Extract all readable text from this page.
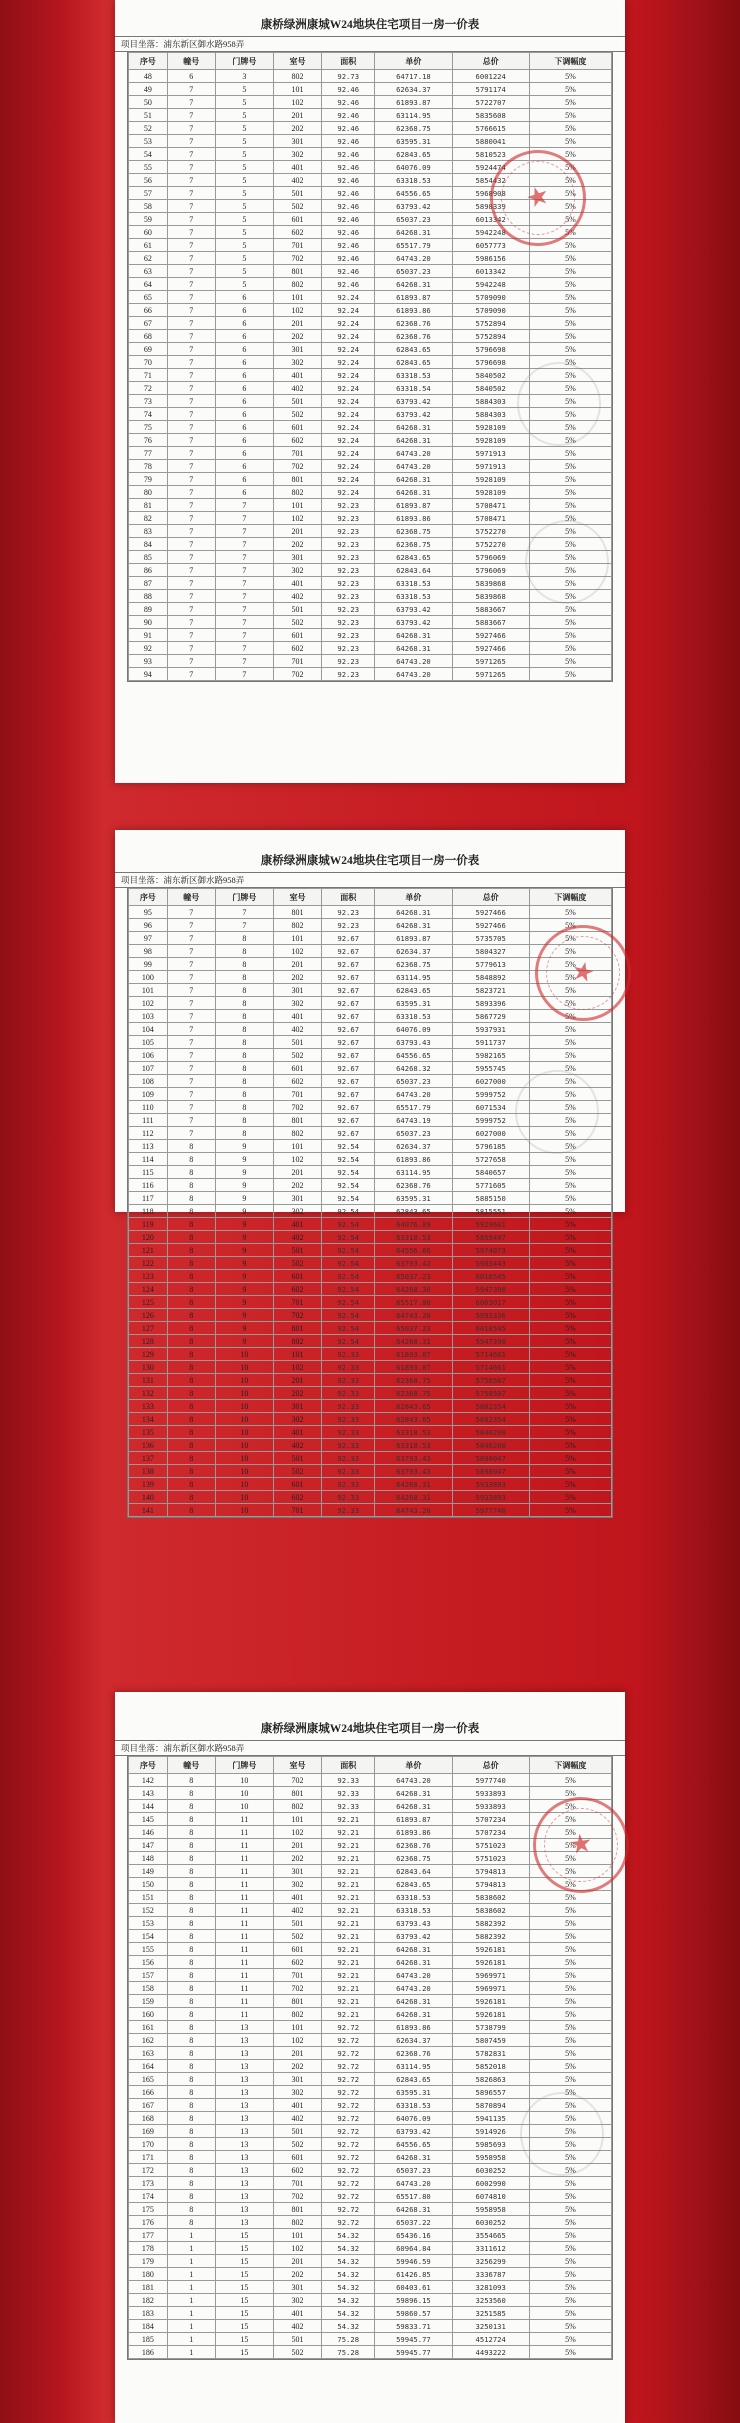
★
康桥绿洲康城W24地块住宅项目一房一价表
项目坐落：浦东新区御水路958弄
序号	幢号	门牌号	室号	面积	单价	总价	下调幅度
48	6	3	802	92.73	64717.18	6001224	5%
49	7	5	101	92.46	62634.37	5791174	5%
50	7	5	102	92.46	61893.87	5722707	5%
51	7	5	201	92.46	63114.95	5835608	5%
52	7	5	202	92.46	62368.75	5766615	5%
53	7	5	301	92.46	63595.31	5880041	5%
54	7	5	302	92.46	62843.65	5810523	5%
55	7	5	401	92.46	64076.09	5924474	5%
56	7	5	402	92.46	63318.53	5854432	5%
57	7	5	501	92.46	64556.65	5968908	5%
58	7	5	502	92.46	63793.42	5898339	5%
59	7	5	601	92.46	65037.23	6013342	5%
60	7	5	602	92.46	64268.31	5942248	5%
61	7	5	701	92.46	65517.79	6057773	5%
62	7	5	702	92.46	64743.20	5986156	5%
63	7	5	801	92.46	65037.23	6013342	5%
64	7	5	802	92.46	64268.31	5942248	5%
65	7	6	101	92.24	61893.87	5709090	5%
66	7	6	102	92.24	61893.86	5709090	5%
67	7	6	201	92.24	62368.76	5752894	5%
68	7	6	202	92.24	62368.76	5752894	5%
69	7	6	301	92.24	62843.65	5796698	5%
70	7	6	302	92.24	62843.65	5796698	5%
71	7	6	401	92.24	63318.53	5840502	5%
72	7	6	402	92.24	63318.54	5840502	5%
73	7	6	501	92.24	63793.42	5884303	5%
74	7	6	502	92.24	63793.42	5884303	5%
75	7	6	601	92.24	64268.31	5928109	5%
76	7	6	602	92.24	64268.31	5928109	5%
77	7	6	701	92.24	64743.20	5971913	5%
78	7	6	702	92.24	64743.20	5971913	5%
79	7	6	801	92.24	64268.31	5928109	5%
80	7	6	802	92.24	64268.31	5928109	5%
81	7	7	101	92.23	61893.87	5708471	5%
82	7	7	102	92.23	61893.86	5708471	5%
83	7	7	201	92.23	62368.75	5752270	5%
84	7	7	202	92.23	62368.75	5752270	5%
85	7	7	301	92.23	62843.65	5796069	5%
86	7	7	302	92.23	62843.64	5796069	5%
87	7	7	401	92.23	63318.53	5839868	5%
88	7	7	402	92.23	63318.53	5839868	5%
89	7	7	501	92.23	63793.42	5883667	5%
90	7	7	502	92.23	63793.42	5883667	5%
91	7	7	601	92.23	64268.31	5927466	5%
92	7	7	602	92.23	64268.31	5927466	5%
93	7	7	701	92.23	64743.20	5971265	5%
94	7	7	702	92.23	64743.20	5971265	5%
★
康桥绿洲康城W24地块住宅项目一房一价表
项目坐落：浦东新区御水路958弄
序号	幢号	门牌号	室号	面积	单价	总价	下调幅度
95	7	7	801	92.23	64268.31	5927466	5%
96	7	7	802	92.23	64268.31	5927466	5%
97	7	8	101	92.67	61893.87	5735705	5%
98	7	8	102	92.67	62634.37	5804327	5%
99	7	8	201	92.67	62368.75	5779613	5%
100	7	8	202	92.67	63114.95	5848892	5%
101	7	8	301	92.67	62843.65	5823721	5%
102	7	8	302	92.67	63595.31	5893396	5%
103	7	8	401	92.67	63318.53	5867729	5%
104	7	8	402	92.67	64076.09	5937931	5%
105	7	8	501	92.67	63793.43	5911737	5%
106	7	8	502	92.67	64556.65	5982165	5%
107	7	8	601	92.67	64268.32	5955745	5%
108	7	8	602	92.67	65037.23	6027000	5%
109	7	8	701	92.67	64743.20	5999752	5%
110	7	8	702	92.67	65517.79	6071534	5%
111	7	8	801	92.67	64743.19	5999752	5%
112	7	8	802	92.67	65037.23	6027000	5%
113	8	9	101	92.54	62634.37	5796185	5%
114	8	9	102	92.54	61893.86	5727658	5%
115	8	9	201	92.54	63114.95	5840657	5%
116	8	9	202	92.54	62368.76	5771605	5%
117	8	9	301	92.54	63595.31	5885150	5%
118	8	9	302	92.54	62843.65	5815551	5%
119	8	9	401	92.54	64076.09	5929601	5%
120	8	9	402	92.54	63318.53	5859497	5%
121	8	9	501	92.54	64556.66	5974073	5%
122	8	9	502	92.54	63793.42	5903443	5%
123	8	9	601	92.54	65037.23	6018545	5%
124	8	9	602	92.54	64268.30	5947390	5%
125	8	9	701	92.54	65517.80	6063017	5%
126	8	9	702	92.54	64743.20	5991336	5%
127	8	9	801	92.54	65037.23	6018545	5%
128	8	9	802	92.54	64268.31	5947390	5%
129	8	10	101	92.33	61893.87	5714661	5%
130	8	10	102	92.33	61893.87	5714661	5%
131	8	10	201	92.33	62368.75	5758507	5%
132	8	10	202	92.33	62368.75	5758507	5%
133	8	10	301	92.33	62843.65	5802354	5%
134	8	10	302	92.33	62843.65	5802354	5%
135	8	10	401	92.33	63318.53	5846200	5%
136	8	10	402	92.33	63318.53	5846200	5%
137	8	10	501	92.33	63793.43	5890047	5%
138	8	10	502	92.33	63793.43	5890047	5%
139	8	10	601	92.33	64268.31	5933893	5%
140	8	10	602	92.33	64268.31	5933893	5%
141	8	10	701	92.33	64743.20	5977740	5%
★
康桥绿洲康城W24地块住宅项目一房一价表
项目坐落：浦东新区御水路958弄
序号	幢号	门牌号	室号	面积	单价	总价	下调幅度
142	8	10	702	92.33	64743.20	5977740	5%
143	8	10	801	92.33	64268.31	5933893	5%
144	8	10	802	92.33	64268.31	5933893	5%
145	8	11	101	92.21	61893.87	5707234	5%
146	8	11	102	92.21	61893.86	5707234	5%
147	8	11	201	92.21	62368.76	5751023	5%
148	8	11	202	92.21	62368.75	5751023	5%
149	8	11	301	92.21	62843.64	5794813	5%
150	8	11	302	92.21	62843.65	5794813	5%
151	8	11	401	92.21	63318.53	5838602	5%
152	8	11	402	92.21	63318.53	5838602	5%
153	8	11	501	92.21	63793.43	5882392	5%
154	8	11	502	92.21	63793.42	5882392	5%
155	8	11	601	92.21	64268.31	5926181	5%
156	8	11	602	92.21	64268.31	5926181	5%
157	8	11	701	92.21	64743.20	5969971	5%
158	8	11	702	92.21	64743.20	5969971	5%
159	8	11	801	92.21	64268.31	5926181	5%
160	8	11	802	92.21	64268.31	5926181	5%
161	8	13	101	92.72	61893.86	5738799	5%
162	8	13	102	92.72	62634.37	5807459	5%
163	8	13	201	92.72	62368.76	5782831	5%
164	8	13	202	92.72	63114.95	5852018	5%
165	8	13	301	92.72	62843.65	5826863	5%
166	8	13	302	92.72	63595.31	5896557	5%
167	8	13	401	92.72	63318.53	5870894	5%
168	8	13	402	92.72	64076.09	5941135	5%
169	8	13	501	92.72	63793.42	5914926	5%
170	8	13	502	92.72	64556.65	5985693	5%
171	8	13	601	92.72	64268.31	5958958	5%
172	8	13	602	92.72	65037.23	6030252	5%
173	8	13	701	92.72	64743.20	6002990	5%
174	8	13	702	92.72	65517.80	6074810	5%
175	8	13	801	92.72	64268.31	5958958	5%
176	8	13	802	92.72	65037.22	6030252	5%
177	1	15	101	54.32	65436.16	3554665	5%
178	1	15	102	54.32	60964.84	3311612	5%
179	1	15	201	54.32	59946.59	3256299	5%
180	1	15	202	54.32	61426.85	3336787	5%
181	1	15	301	54.32	60403.61	3281093	5%
182	1	15	302	54.32	59896.15	3253560	5%
183	1	15	401	54.32	59860.57	3251585	5%
184	1	15	402	54.32	59833.71	3250131	5%
185	1	15	501	75.28	59945.77	4512724	5%
186	1	15	502	75.28	59945.77	4493222	5%
